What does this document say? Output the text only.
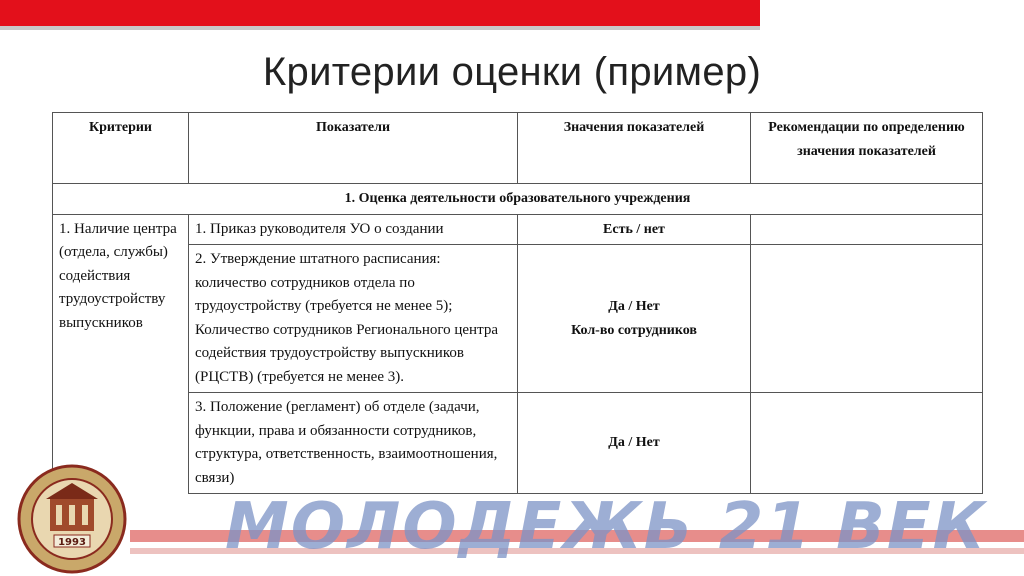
Критерии оценки (пример)
Критерии	Показатели	Значения показателей	Рекомендации по определению значения показателей
1. Оценка деятельности образовательного учреждения			
1. Наличие центра (отдела, службы) содействия трудоустройству выпускников	1. Приказ руководителя УО о создании	Есть / нет	

	2. Утверждение штатного расписания: количество сотрудников отдела по трудоустройству (требуется не менее 5); Количество сотрудников Регионального центра содействия трудоустройству выпускников (РЦСТВ) (требуется не менее 3).	Да / Нет
Кол-во сотрудников	

	3. Положение (регламент) об отделе (задачи, функции, права и обязанности сотрудников, структура, ответственность, взаимоотношения, связи)	Да / Нет	

МОЛОДЕЖЬ 21 ВЕК
1993
